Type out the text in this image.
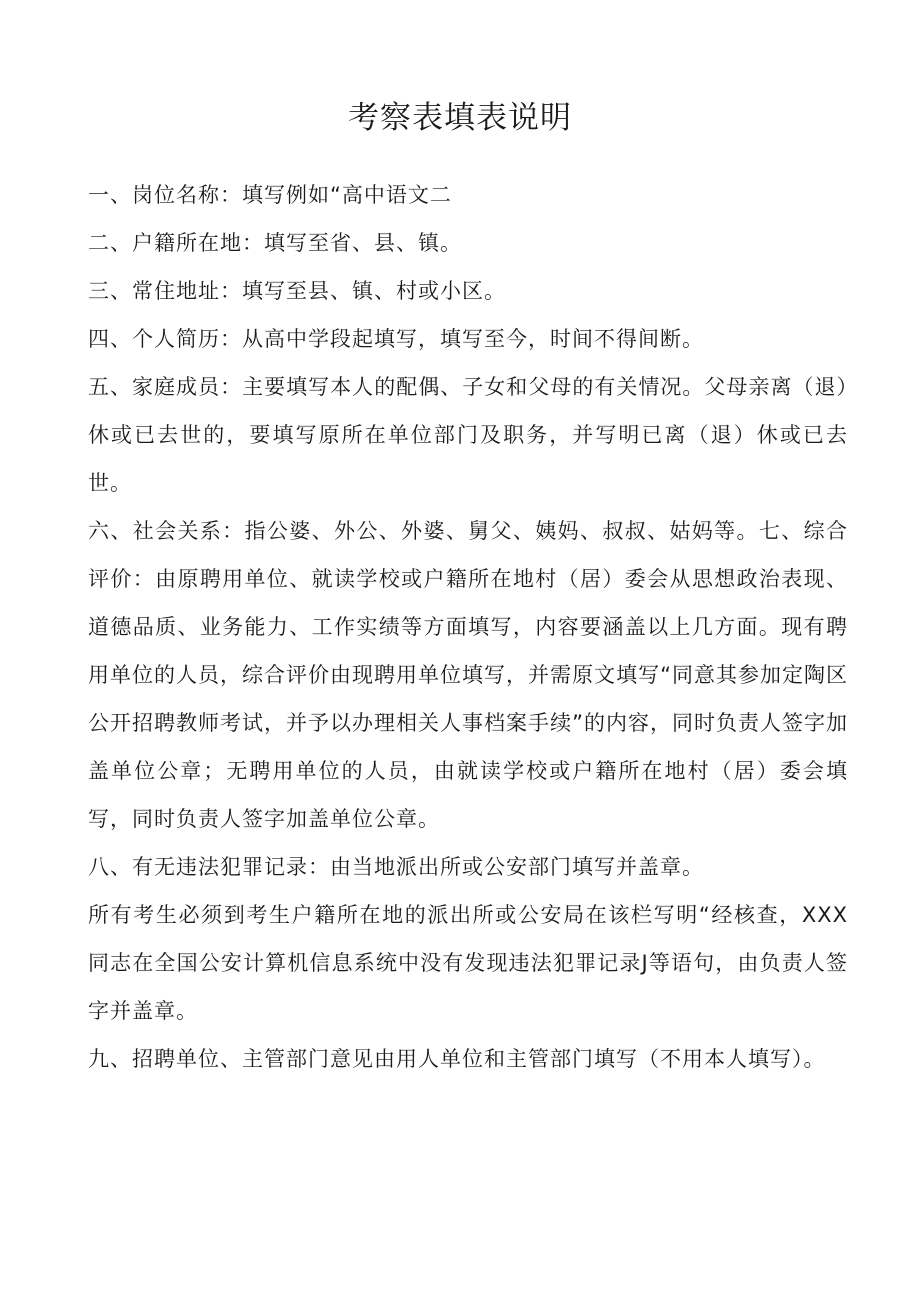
考察表填表说明

一、岗位名称：填写例如“高中语文二

二、户籍所在地：填写至省、县、镇。

三、常住地址：填写至县、镇、村或小区。

四、个人简历：从高中学段起填写，填写至今，时间不得间断。

五、家庭成员：主要填写本人的配偶、子女和父母的有关情况。父母亲离（退）休或已去世的，要填写原所在单位部门及职务，并写明已离（退）休或已去世。

六、社会关系：指公婆、外公、外婆、舅父、姨妈、叔叔、姑妈等。七、综合评价：由原聘用单位、就读学校或户籍所在地村（居）委会从思想政治表现、道德品质、业务能力、工作实绩等方面填写，内容要涵盖以上几方面。现有聘用单位的人员，综合评价由现聘用单位填写，并需原文填写“同意其参加定陶区公开招聘教师考试，并予以办理相关人事档案手续”的内容，同时负责人签字加盖单位公章；无聘用单位的人员，由就读学校或户籍所在地村（居）委会填写，同时负责人签字加盖单位公章。

八、有无违法犯罪记录：由当地派出所或公安部门填写并盖章。

所有考生必须到考生户籍所在地的派出所或公安局在该栏写明“经核查，XXX同志在全国公安计算机信息系统中没有发现违法犯罪记录J等语句，由负责人签字并盖章。

九、招聘单位、主管部门意见由用人单位和主管部门填写（不用本人填写）。
